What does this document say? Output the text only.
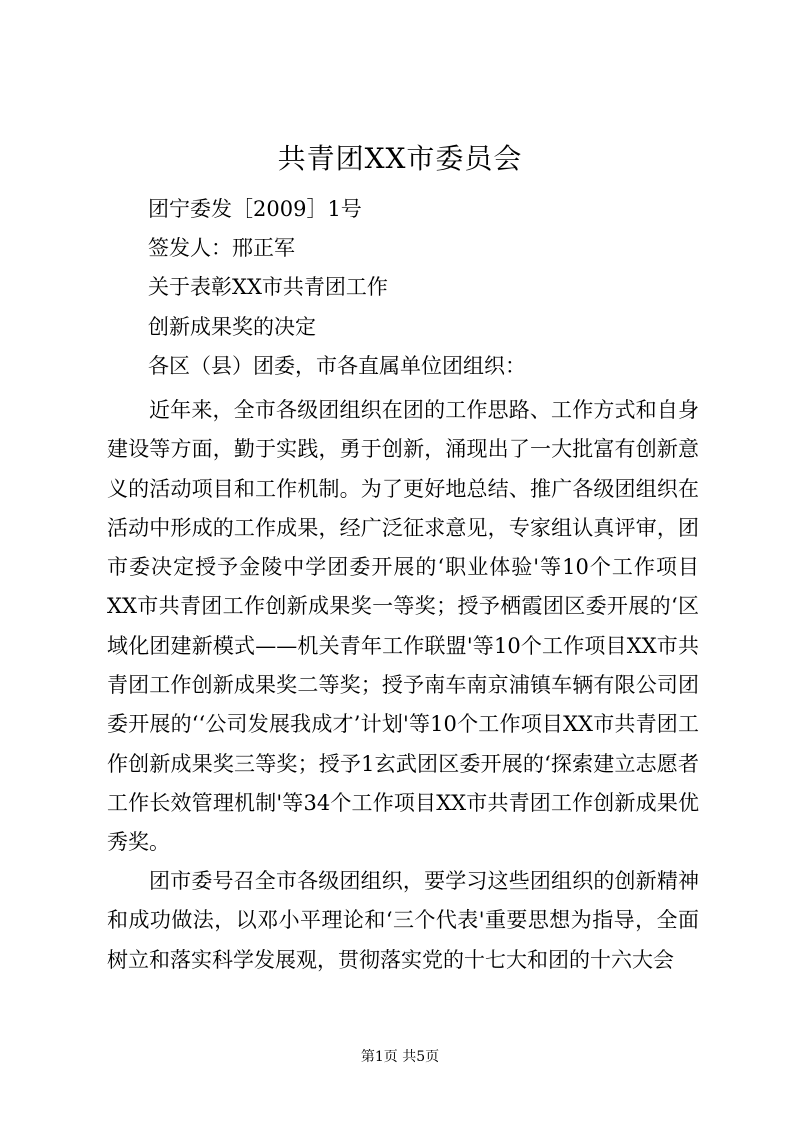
共青团XX市委员会
团宁委发［2009］1号
签发人：邢正军
关于表彰XX市共青团工作
创新成果奖的决定
各区（县）团委，市各直属单位团组织：

近年来，全市各级团组织在团的工作思路、工作方式和自身建设等方面，勤于实践，勇于创新，涌现出了一大批富有创新意义的活动项目和工作机制。为了更好地总结、推广各级团组织在活动中形成的工作成果，经广泛征求意见，专家组认真评审，团市委决定授予金陵中学团委开展的‘职业体验'等10个工作项目XX市共青团工作创新成果奖一等奖；授予栖霞团区委开展的‘区域化团建新模式——机关青年工作联盟'等10个工作项目XX市共青团工作创新成果奖二等奖；授予南车南京浦镇车辆有限公司团委开展的‘‘公司发展我成才’计划'等10个工作项目XX市共青团工作创新成果奖三等奖；授予1玄武团区委开展的‘探索建立志愿者工作长效管理机制'等34个工作项目XX市共青团工作创新成果优秀奖。

团市委号召全市各级团组织，要学习这些团组织的创新精神和成功做法，以邓小平理论和‘三个代表'重要思想为指导，全面树立和落实科学发展观，贯彻落实党的十七大和团的十六大会

第1页 共5页
